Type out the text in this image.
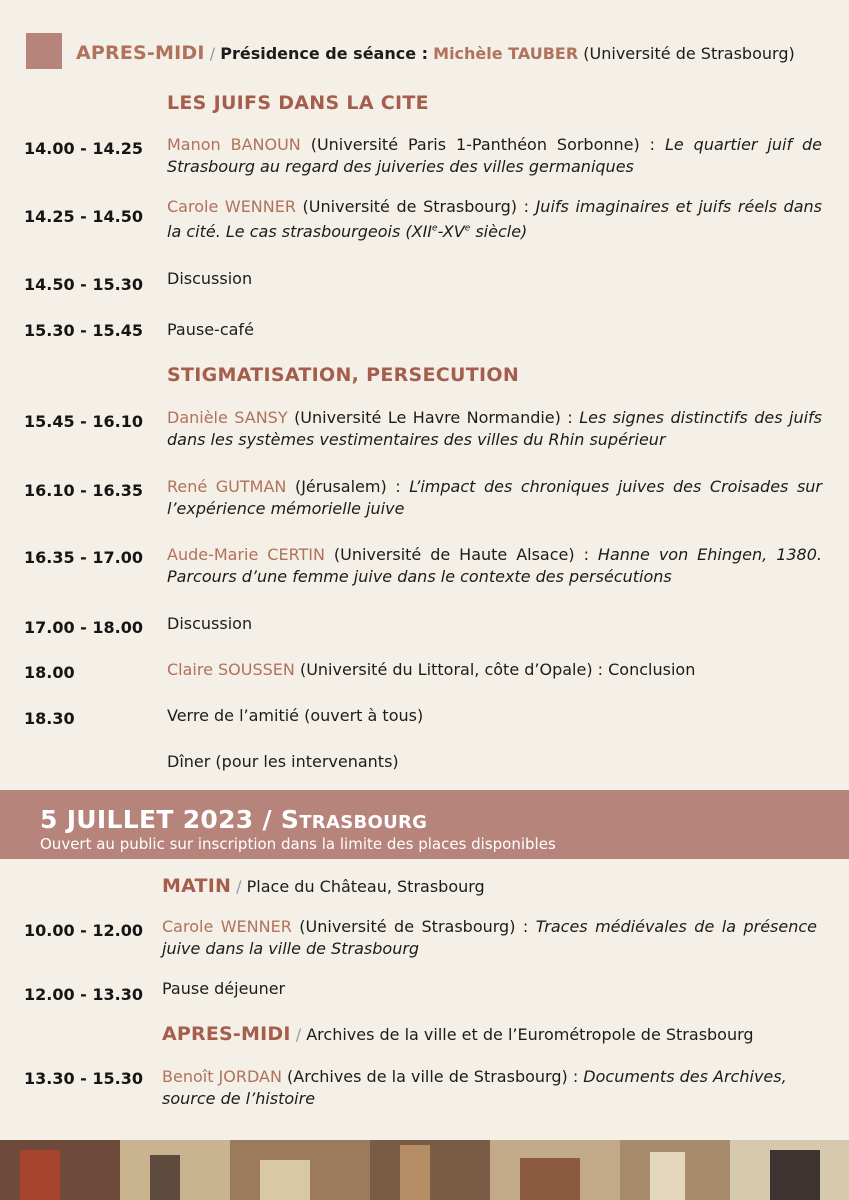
APRES-MIDI / Présidence de séance : Michèle TAUBER (Université de Strasbourg)
LES JUIFS DANS LA CITE
14.00 - 14.25 Manon BANOUN (Université Paris 1-Panthéon Sorbonne) : Le quartier juif de Strasbourg au regard des juiveries des villes germaniques
14.25 - 14.50
Carole WENNER (Université de Strasbourg) : Juifs imaginaires et juifs réels dans la cité. Le cas strasbourgeois (XIIe-XVe siècle)
14.50 - 15.30 Discussion
15.30 - 15.45 Pause-café
STIGMATISATION, PERSECUTION
15.45 - 16.10 Danièle SANSY (Université Le Havre Normandie) : Les signes distinctifs des juifs dans les systèmes vestimentaires des villes du Rhin supérieur
16.10 - 16.35 René GUTMAN (Jérusalem) : L’impact des chroniques juives des Croisades sur l’expérience mémorielle juive
16.35 - 17.00 Aude-Marie CERTIN (Université de Haute Alsace) : Hanne von Ehingen, 1380. Parcours d’une femme juive dans le contexte des persécutions
17.00 - 18.00 Discussion
18.00	Claire SOUSSEN (Université du Littoral, côte d’Opale) : Conclusion
18.30	Verre de l’amitié (ouvert à tous)
Dîner (pour les intervenants)
5 JUILLET 2023 / Strasbourg
Ouvert au public sur inscription dans la limite des places disponibles
MATIN / Place du Château, Strasbourg
10.00 - 12.00 Carole WENNER (Université de Strasbourg) : Traces médiévales de la présence juive dans la ville de Strasbourg
12.00 - 13.30 Pause déjeuner
APRES-MIDI / Archives de la ville et de l’Eurométropole de Strasbourg
13.30 - 15.30 Benoît JORDAN (Archives de la ville de Strasbourg) : Documents des Archives, source de l’histoire
